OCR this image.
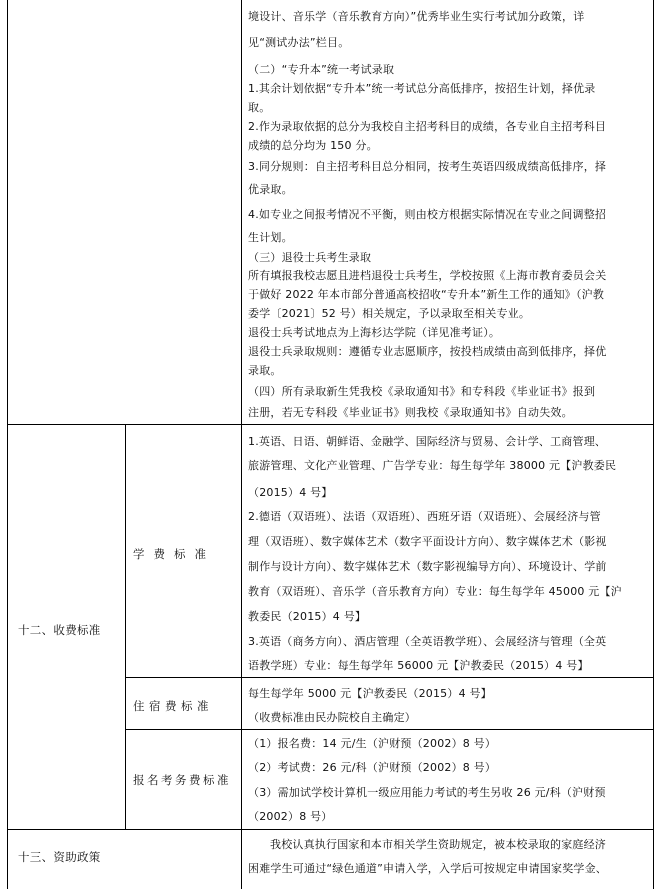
境设计、音乐学（音乐教育方向）”优秀毕业生实行考试加分政策，详
见“测试办法”栏目。
（二）“专升本”统一考试录取
1.其余计划依据“专升本”统一考试总分高低排序，按招生计划，择优录
取。
2.作为录取依据的总分为我校自主招考科目的成绩，各专业自主招考科目
成绩的总分均为 150 分。
3.同分规则：自主招考科目总分相同，按考生英语四级成绩高低排序，择
优录取。
4.如专业之间报考情况不平衡，则由校方根据实际情况在专业之间调整招
生计划。
（三）退役士兵考生录取
所有填报我校志愿且进档退役士兵考生，学校按照《上海市教育委员会关
于做好 2022 年本市部分普通高校招收“专升本”新生工作的通知》（沪教
委学〔2021〕52 号）相关规定，予以录取至相关专业。
退役士兵考试地点为上海杉达学院（详见准考证）。
退役士兵录取规则：遵循专业志愿顺序，按投档成绩由高到低排序，择优
录取。
（四）所有录取新生凭我校《录取通知书》和专科段《毕业证书》报到
注册，若无专科段《毕业证书》则我校《录取通知书》自动失效。
十二、收费标准
学费标准
1.英语、日语、朝鲜语、金融学、国际经济与贸易、会计学、工商管理、
旅游管理、文化产业管理、广告学专业：每生每学年 38000 元【沪教委民
（2015）4 号】
2.德语（双语班）、法语（双语班）、西班牙语（双语班）、会展经济与管
理（双语班）、数字媒体艺术（数字平面设计方向）、数字媒体艺术（影视
制作与设计方向）、数字媒体艺术（数字影视编导方向）、环境设计、学前
教育（双语班）、音乐学（音乐教育方向）专业：每生每学年 45000 元【沪
教委民（2015）4 号】
3.英语（商务方向）、酒店管理（全英语教学班）、会展经济与管理（全英
语教学班）专业：每生每学年 56000 元【沪教委民（2015）4 号】
住宿费标准
每生每学年 5000 元【沪教委民（2015）4 号】
（收费标准由民办院校自主确定）
报名考务费标准
（1）报名费：14 元/生（沪财预（2002）8 号）
（2）考试费：26 元/科（沪财预（2002）8 号）
（3）需加试学校计算机一级应用能力考试的考生另收 26 元/科（沪财预
（2002）8 号）
十三、资助政策
我校认真执行国家和本市相关学生资助规定，被本校录取的家庭经济
困难学生可通过“绿色通道”申请入学，入学后可按规定申请国家奖学金、
